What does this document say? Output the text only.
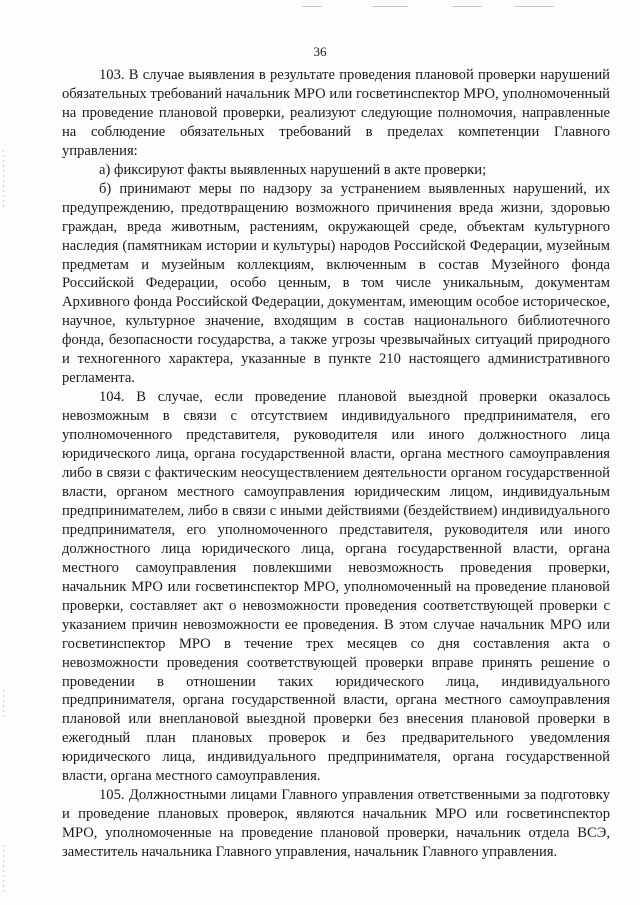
36

103. В случае выявления в результате проведения плановой проверки нарушений обязательных требований начальник МРО или госветинспектор МРО, уполномоченный на проведение плановой проверки, реализуют следующие полномочия, направленные на соблюдение обязательных требований в пределах компетенции Главного управления:

а) фиксируют факты выявленных нарушений в акте проверки;

б) принимают меры по надзору за устранением выявленных нарушений, их предупреждению, предотвращению возможного причинения вреда жизни, здоровью граждан, вреда животным, растениям, окружающей среде, объектам культурного наследия (памятникам истории и культуры) народов Российской Федерации, музейным предметам и музейным коллекциям, включенным в состав Музейного фонда Российской Федерации, особо ценным, в том числе уникальным, документам Архивного фонда Российской Федерации, документам, имеющим особое историческое, научное, культурное значение, входящим в состав национального библиотечного фонда, безопасности государства, а также угрозы чрезвычайных ситуаций природного и техногенного характера, указанные в пункте 210 настоящего административного регламента.

104. В случае, если проведение плановой выездной проверки оказалось невозможным в связи с отсутствием индивидуального предпринимателя, его уполномоченного представителя, руководителя или иного должностного лица юридического лица, органа государственной власти, органа местного самоуправления либо в связи с фактическим неосуществлением деятельности органом государственной власти, органом местного самоуправления юридическим лицом, индивидуальным предпринимателем, либо в связи с иными действиями (бездействием) индивидуального предпринимателя, его уполномоченного представителя, руководителя или иного должностного лица юридического лица, органа государственной власти, органа местного самоуправления повлекшими невозможность проведения проверки, начальник МРО или госветинспектор МРО, уполномоченный на проведение плановой проверки, составляет акт о невозможности проведения соответствующей проверки с указанием причин невозможности ее проведения. В этом случае начальник МРО или госветинспектор МРО в течение трех месяцев со дня составления акта о невозможности проведения соответствующей проверки вправе принять решение о проведении в отношении таких юридического лица, индивидуального предпринимателя, органа государственной власти, органа местного самоуправления плановой или внеплановой выездной проверки без внесения плановой проверки в ежегодный план плановых проверок и без предварительного уведомления юридического лица, индивидуального предпринимателя, органа государственной власти, органа местного самоуправления.

105. Должностными лицами Главного управления ответственными за подготовку и проведение плановых проверок, являются начальник МРО или госветинспектор МРО, уполномоченные на проведение плановой проверки, начальник отдела ВСЭ, заместитель начальника Главного управления, начальник Главного управления.
